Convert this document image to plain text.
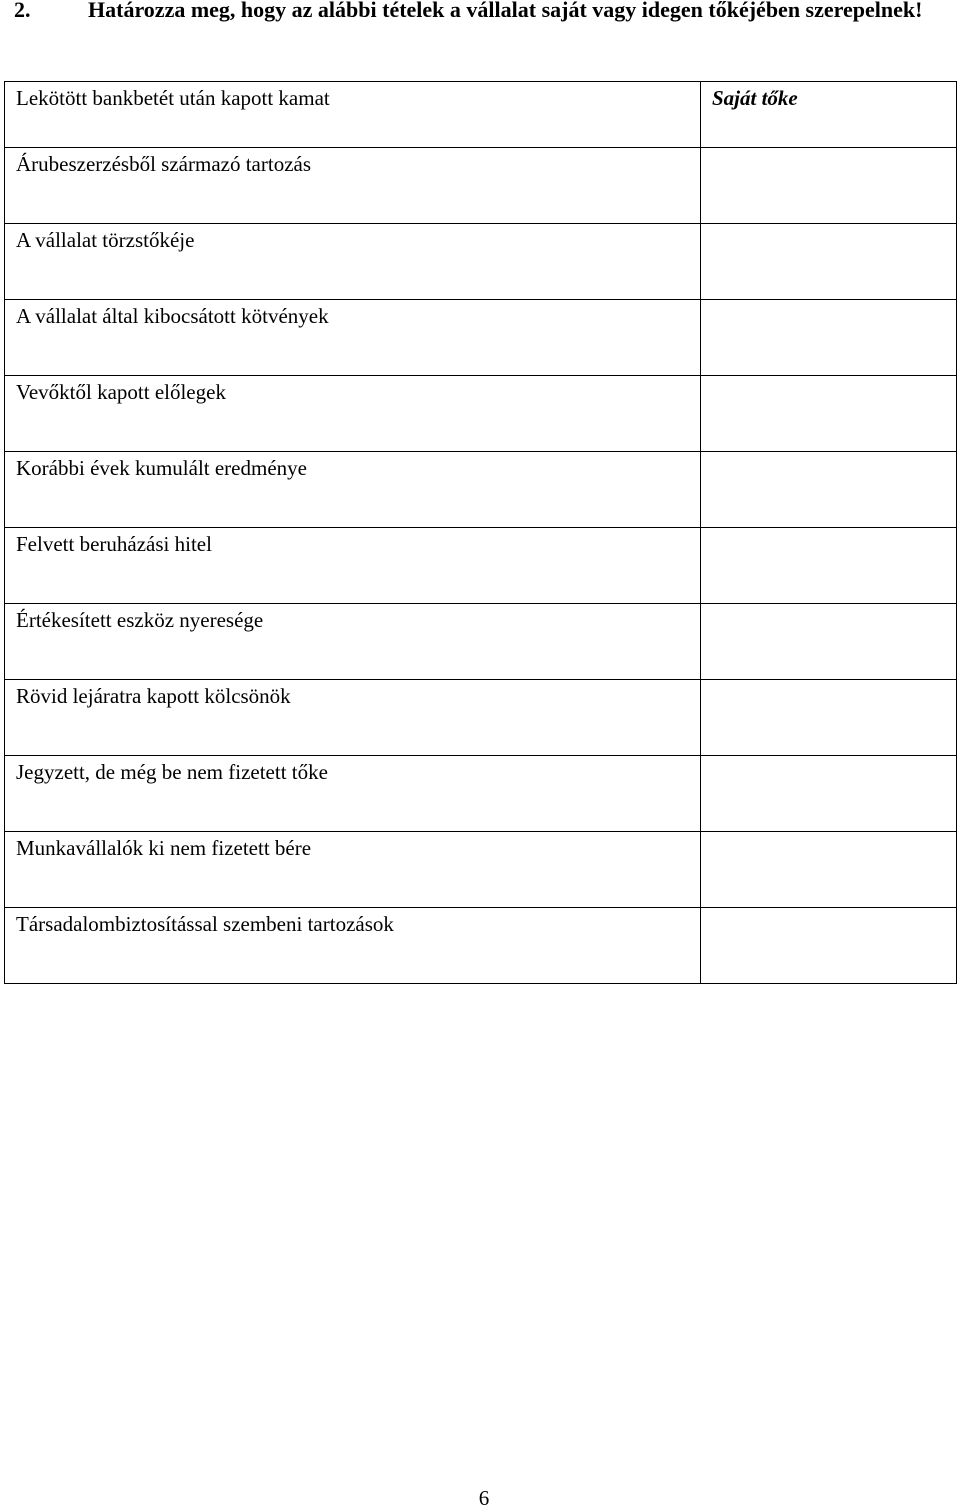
2.	Határozza meg, hogy az alábbi tételek a vállalat saját vagy idegen tőkéjében szerepelnek!
Lekötött bankbetét után kapott kamat	Saját tőke
Árubeszerzésből származó tartozás	
A vállalat törzstőkéje	
A vállalat által kibocsátott kötvények	
Vevőktől kapott előlegek	
Korábbi évek kumulált eredménye	
Felvett beruházási hitel	
Értékesített eszköz nyeresége	
Rövid lejáratra kapott kölcsönök	
Jegyzett, de még be nem fizetett tőke	
Munkavállalók ki nem fizetett bére	
Társadalombiztosítással szembeni tartozások	
6
